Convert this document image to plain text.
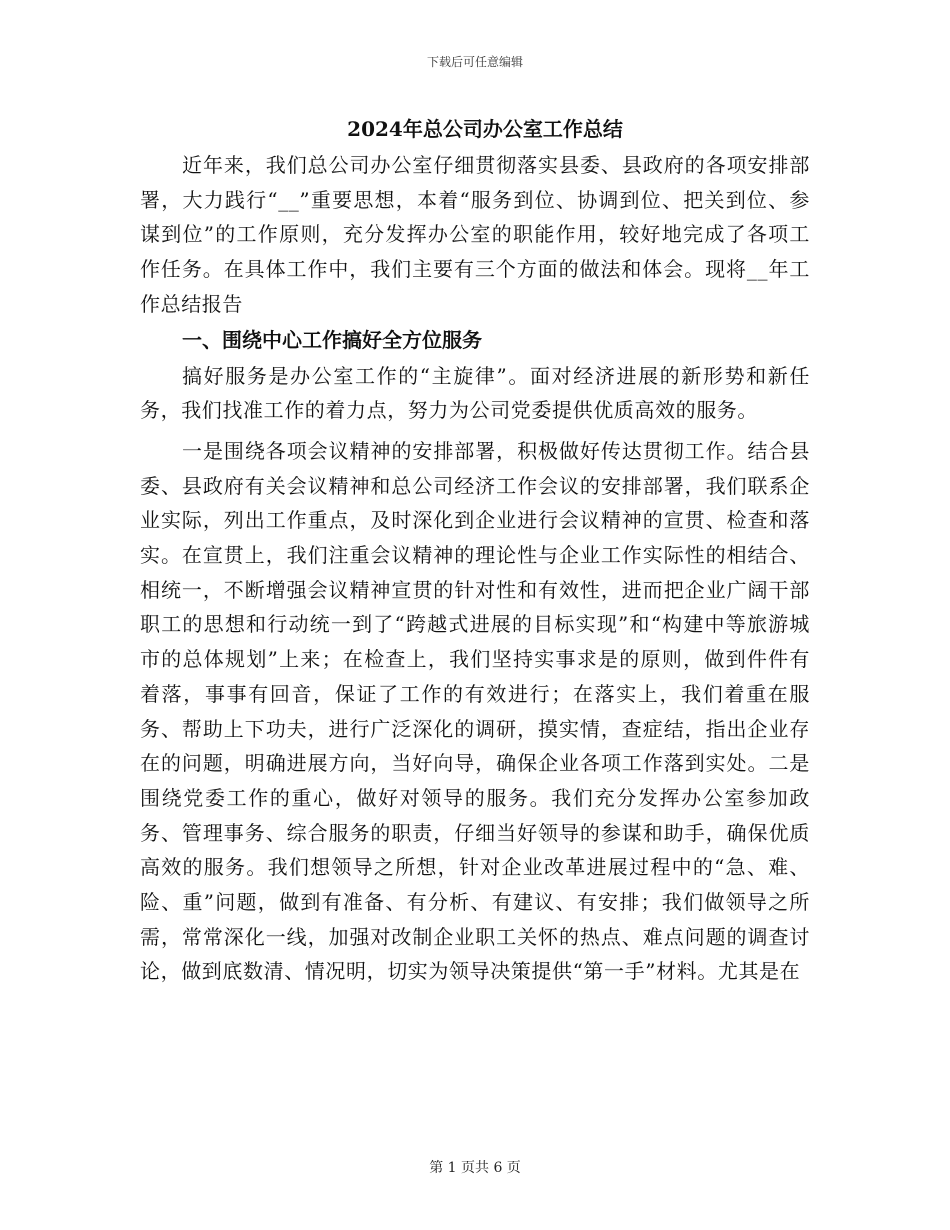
下载后可任意编辑
2024年总公司办公室工作总结

近年来，我们总公司办公室仔细贯彻落实县委、县政府的各项安排部署，大力践行“__”重要思想，本着“服务到位、协调到位、把关到位、参谋到位”的工作原则，充分发挥办公室的职能作用，较好地完成了各项工作任务。在具体工作中，我们主要有三个方面的做法和体会。现将__年工作总结报告

一、围绕中心工作搞好全方位服务

搞好服务是办公室工作的“主旋律”。面对经济进展的新形势和新任务，我们找准工作的着力点，努力为公司党委提供优质高效的服务。

一是围绕各项会议精神的安排部署，积极做好传达贯彻工作。结合县委、县政府有关会议精神和总公司经济工作会议的安排部署，我们联系企业实际，列出工作重点，及时深化到企业进行会议精神的宣贯、检查和落实。在宣贯上，我们注重会议精神的理论性与企业工作实际性的相结合、相统一，不断增强会议精神宣贯的针对性和有效性，进而把企业广阔干部职工的思想和行动统一到了“跨越式进展的目标实现”和“构建中等旅游城市的总体规划”上来；在检查上，我们坚持实事求是的原则，做到件件有着落，事事有回音，保证了工作的有效进行；在落实上，我们着重在服务、帮助上下功夫，进行广泛深化的调研，摸实情，查症结，指出企业存在的问题，明确进展方向，当好向导，确保企业各项工作落到实处。二是围绕党委工作的重心，做好对领导的服务。我们充分发挥办公室参加政务、管理事务、综合服务的职责，仔细当好领导的参谋和助手，确保优质高效的服务。我们想领导之所想，针对企业改革进展过程中的“急、难、险、重”问题，做到有准备、有分析、有建议、有安排；我们做领导之所需，常常深化一线，加强对改制企业职工关怀的热点、难点问题的调查讨论，做到底数清、情况明，切实为领导决策提供“第一手”材料。尤其是在

第 1 页共 6 页
